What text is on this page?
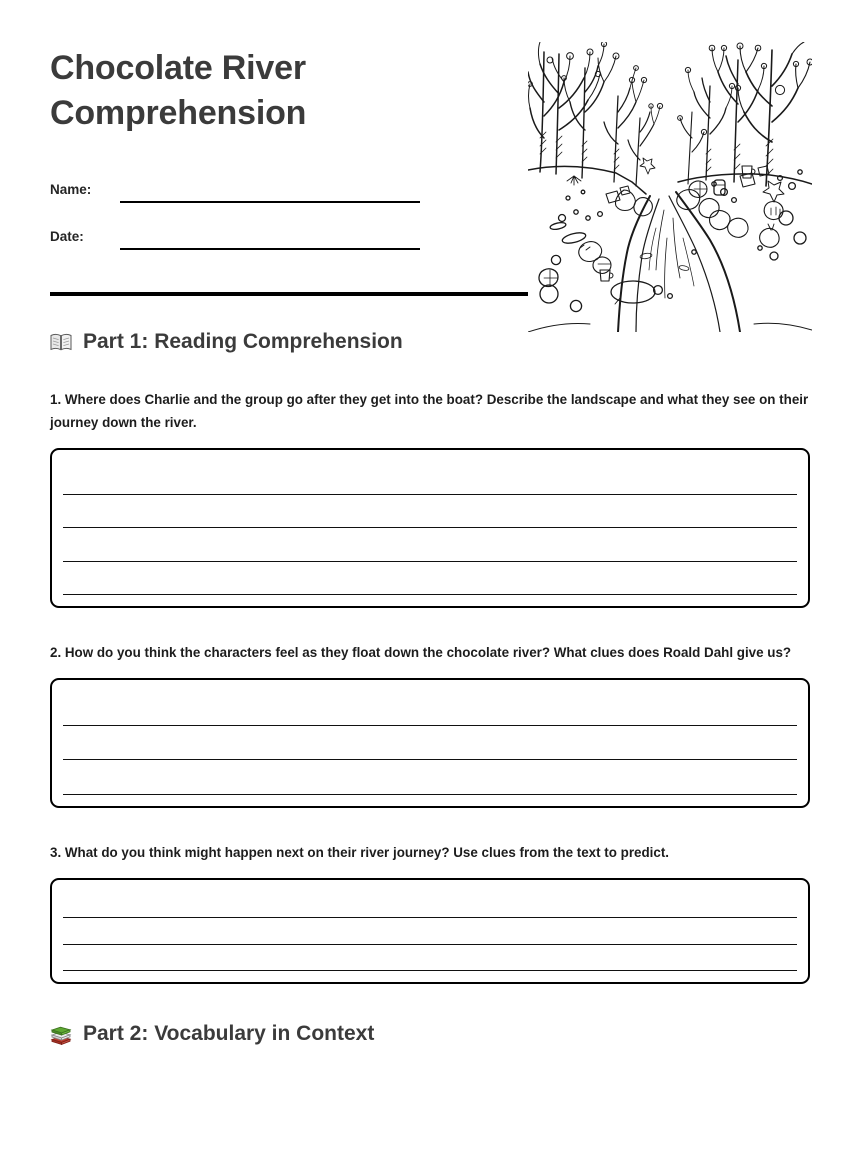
Chocolate River
Comprehension
Name:
Date:
Part 1: Reading Comprehension

1. Where does Charlie and the group go after they get into the boat? Describe the landscape and what they see on their journey down the river.

2. How do you think the characters feel as they float down the chocolate river? What clues does Roald Dahl give us?

3. What do you think might happen next on their river journey? Use clues from the text to predict.

Part 2: Vocabulary in Context
